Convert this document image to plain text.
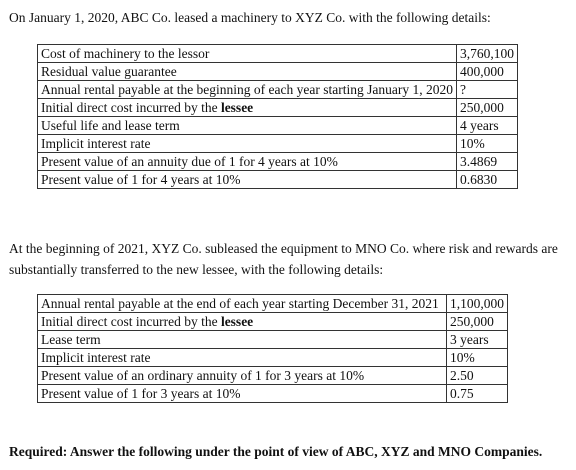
On January 1, 2020, ABC Co. leased a machinery to XYZ Co. with the following details:
Cost of machinery to the lessor	3,760,100
Residual value guarantee	400,000
Annual rental payable at the beginning of each year starting January 1, 2020	?
Initial direct cost incurred by the lessee	250,000
Useful life and lease term	4 years
Implicit interest rate	10%
Present value of an annuity due of 1 for 4 years at 10%	3.4869
Present value of 1 for 4 years at 10%	0.6830
At the beginning of 2021, XYZ Co. subleased the equipment to MNO Co. where risk and rewards are substantially transferred to the new lessee, with the following details:
Annual rental payable at the end of each year starting December 31, 2021	1,100,000
Initial direct cost incurred by the lessee	250,000
Lease term	3 years
Implicit interest rate	10%
Present value of an ordinary annuity of 1 for 3 years at 10%	2.50
Present value of 1 for 3 years at 10%	0.75
Required: Answer the following under the point of view of ABC, XYZ and MNO Companies.
